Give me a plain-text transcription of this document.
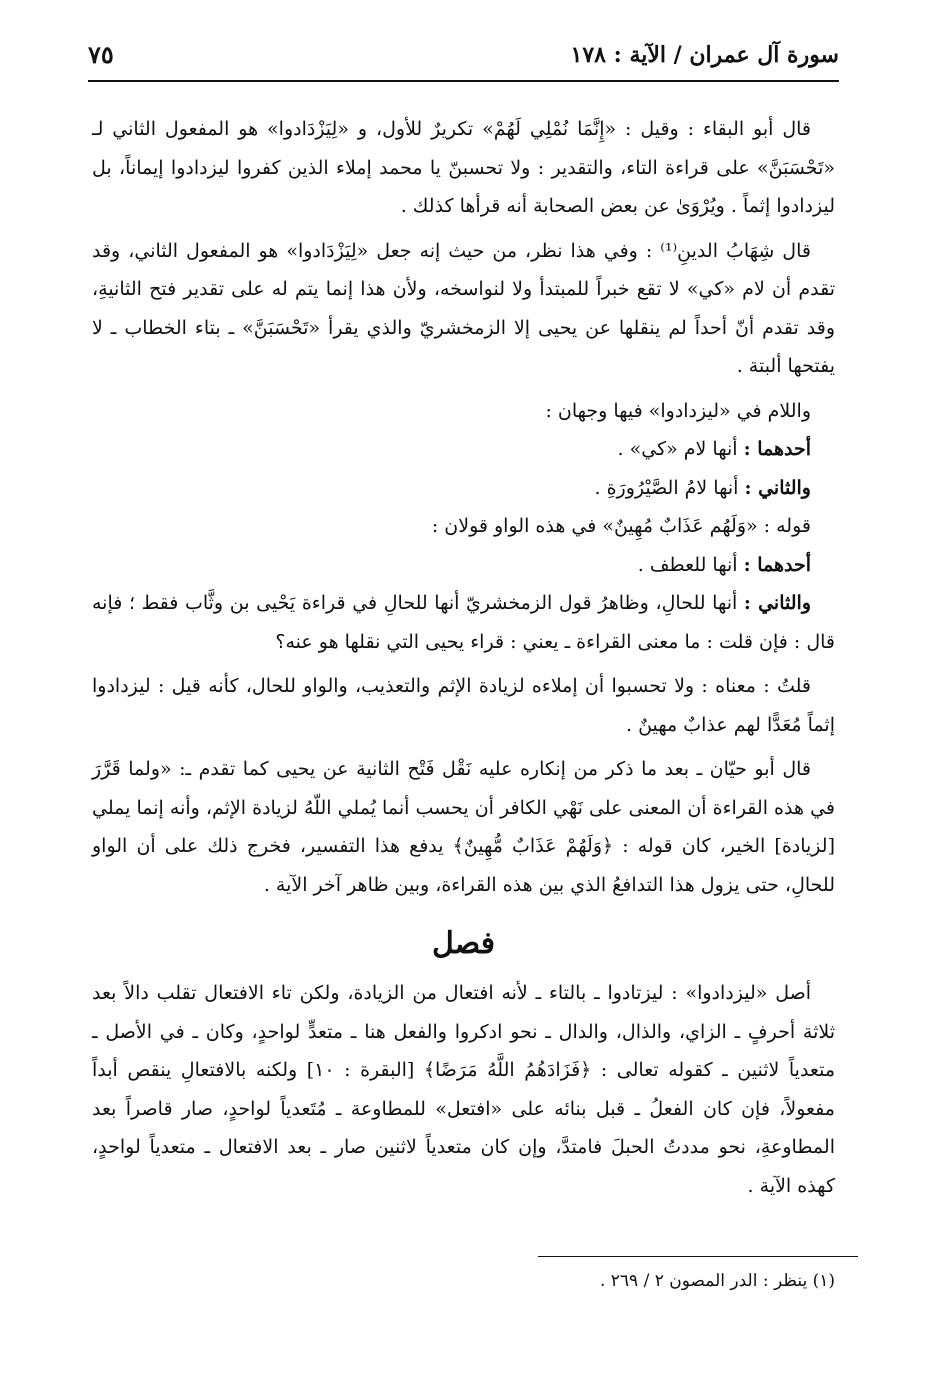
سورة آل عمران / الآية : ١٧٨
٧٥

قال أبو البقاء : وقيل : «إِنَّمَا نُمْلِي لَهُمْ» تكريرٌ للأول، و «لِيَزْدَادوا» هو المفعول الثاني لـ «تَحْسَبَنَّ» على قراءة التاء، والتقدير : ولا تحسبنّ يا محمد إملاء الذين كفروا ليزدادوا إيماناً، بل ليزدادوا إثماً . ويُرْوَىٰ عن بعض الصحابة أنه قرأها كذلك .

قال شِهَابُ الدينِ⁽¹⁾ : وفي هذا نظر، من حيث إنه جعل «لِيَزْدَادوا» هو المفعول الثاني، وقد تقدم أن لام «كي» لا تقع خبراً للمبتدأ ولا لنواسخه، ولأن هذا إنما يتم له على تقدير فتح الثانيةِ، وقد تقدم أنّ أحداً لم ينقلها عن يحيى إلا الزمخشريّ والذي يقرأ «تَحْسَبَنَّ» ـ بتاء الخطاب ـ لا يفتحها ألبتة .

واللام في «ليزدادوا» فيها وجهان :

أحدهما : أنها لام «كي» .

والثاني : أنها لامُ الصَّيْرُورَةِ .

قوله : «وَلَهُم عَذَابٌ مُهِينٌ» في هذه الواو قولان :

أحدهما : أنها للعطف .

والثاني : أنها للحالِ، وظاهرُ قول الزمخشريّ أنها للحالِ في قراءة يَحْيى بن وثَّاب فقط ؛ فإنه قال : فإن قلت : ما معنى القراءة ـ يعني : قراء يحيى التي نقلها هو عنه؟

قلتُ : معناه : ولا تحسبوا أن إملاءه لزيادة الإثم والتعذيب، والواو للحال، كأنه قيل : ليزدادوا إثماً مُعَدًّا لهم عذابٌ مهينٌ .

قال أبو حيّان ـ بعد ما ذكر من إنكاره عليه نَقْل فَتْح الثانية عن يحيى كما تقدم ـ: «ولما قَرَّرَ في هذه القراءة أن المعنى على نَهْي الكافر أن يحسب أنما يُملي اللّهُ لزيادة الإثم، وأنه إنما يملي [لزيادة] الخير، كان قوله : ﴿وَلَهُمْ عَذَابٌ مُّهِينٌ﴾ يدفع هذا التفسير، فخرج ذلك على أن الواو للحالِ، حتى يزول هذا التدافعُ الذي بين هذه القراءة، وبين ظاهر آخر الآية .

فصل

أصل «ليزدادوا» : ليزتادوا ـ بالتاء ـ لأنه افتعال من الزيادة، ولكن تاء الافتعال تقلب دالاً بعد ثلاثة أحرفٍ ـ الزاي، والذال، والدال ـ نحو ادكروا والفعل هنا ـ متعدٍّ لواحدٍ، وكان ـ في الأصل ـ متعدياً لاثنين ـ كقوله تعالى : ﴿فَزَادَهُمُ اللَّهُ مَرَضًا﴾ [البقرة : ١٠] ولكنه بالافتعالِ ينقص أبداً مفعولاً، فإن كان الفعلُ ـ قبل بنائه على «افتعل» للمطاوعة ـ مُتَعدياً لواحدٍ، صار قاصراً بعد المطاوعةِ، نحو مددتُ الحبلَ فامتدَّ، وإن كان متعدياً لاثنين صار ـ بعد الافتعال ـ متعدياً لواحدٍ، كهذه الآية .

(١) ينظر : الدر المصون ٢ / ٢٦٩ .
